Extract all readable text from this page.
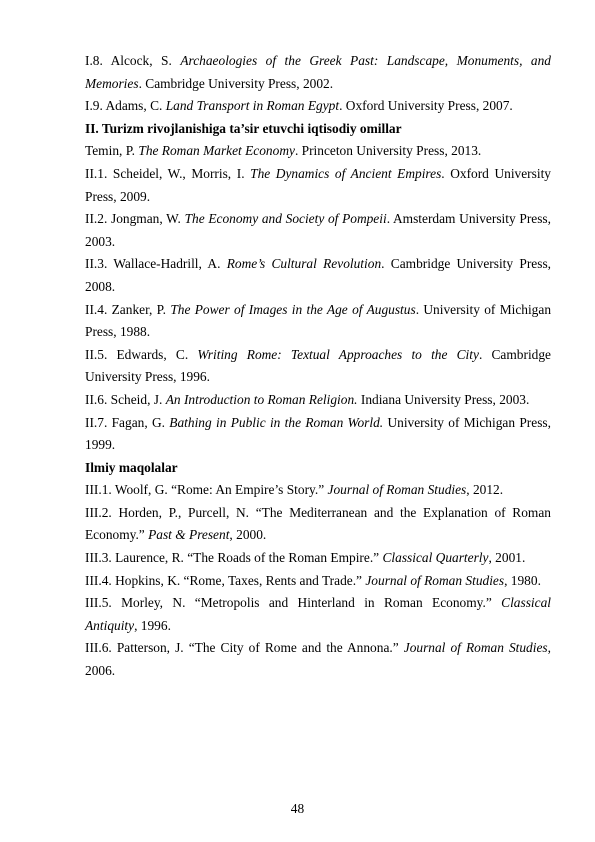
I.8. Alcock, S. Archaeologies of the Greek Past: Landscape, Monuments, and Memories. Cambridge University Press, 2002.

I.9. Adams, C. Land Transport in Roman Egypt. Oxford University Press, 2007.

II. Turizm rivojlanishiga ta’sir etuvchi iqtisodiy omillar

Temin, P. The Roman Market Economy. Princeton University Press, 2013.

II.1. Scheidel, W., Morris, I. The Dynamics of Ancient Empires. Oxford University Press, 2009.

II.2. Jongman, W. The Economy and Society of Pompeii. Amsterdam University Press, 2003.

II.3. Wallace-Hadrill, A. Rome’s Cultural Revolution. Cambridge University Press, 2008.

II.4. Zanker, P. The Power of Images in the Age of Augustus. University of Michigan Press, 1988.

II.5. Edwards, C. Writing Rome: Textual Approaches to the City. Cambridge University Press, 1996.

II.6. Scheid, J. An Introduction to Roman Religion. Indiana University Press, 2003.

II.7. Fagan, G. Bathing in Public in the Roman World. University of Michigan Press, 1999.

Ilmiy maqolalar

III.1. Woolf, G. “Rome: An Empire’s Story.” Journal of Roman Studies, 2012.

III.2. Horden, P., Purcell, N. “The Mediterranean and the Explanation of Roman Economy.” Past & Present, 2000.

III.3. Laurence, R. “The Roads of the Roman Empire.” Classical Quarterly, 2001.

III.4. Hopkins, K. “Rome, Taxes, Rents and Trade.” Journal of Roman Studies, 1980.

III.5. Morley, N. “Metropolis and Hinterland in Roman Economy.” Classical Antiquity, 1996.

III.6. Patterson, J. “The City of Rome and the Annona.” Journal of Roman Studies, 2006.

48
